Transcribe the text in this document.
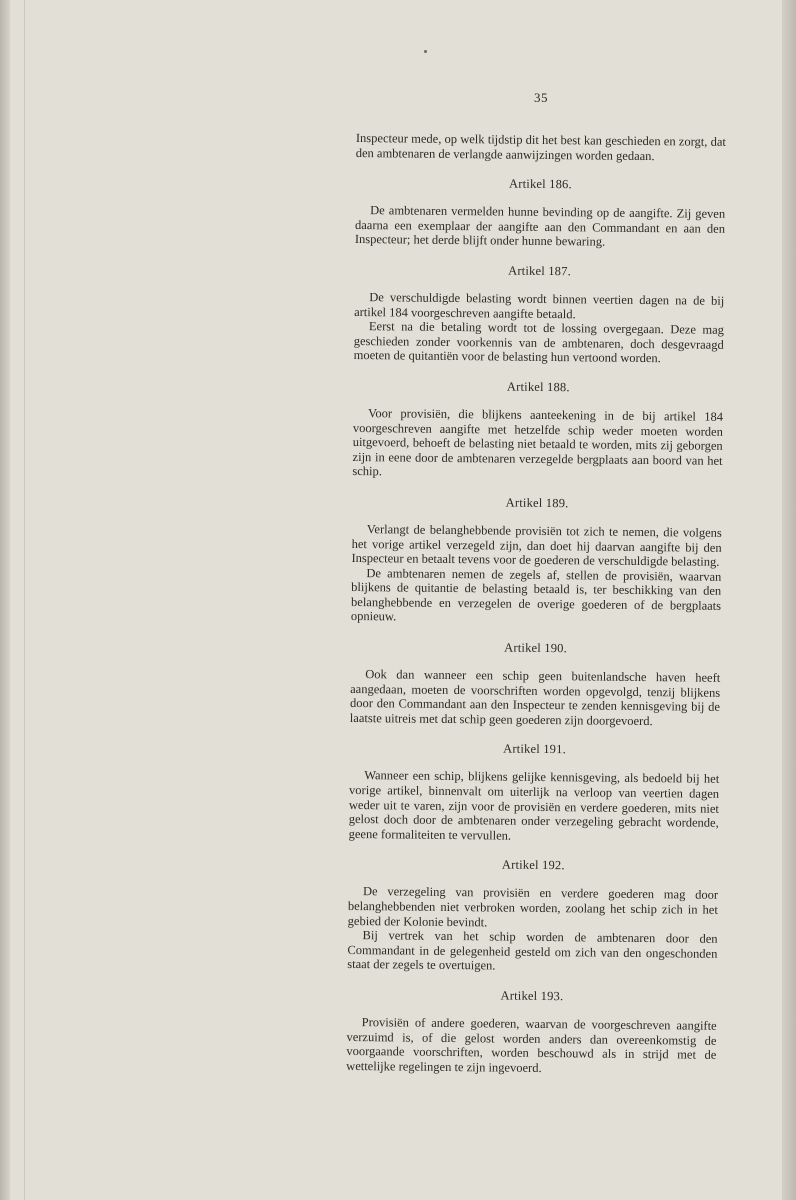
35

Inspecteur mede, op welk tijdstip dit het best kan geschieden en zorgt, dat den ambtenaren de verlangde aanwijzingen worden gedaan.

Artikel 186.

De ambtenaren vermelden hunne bevinding op de aangifte. Zij geven daarna een exemplaar der aangifte aan den Commandant en aan den Inspecteur; het derde blijft onder hunne bewaring.

Artikel 187.

De verschuldigde belasting wordt binnen veertien dagen na de bij artikel 184 voorgeschreven aangifte betaald.

Eerst na die betaling wordt tot de lossing overgegaan. Deze mag geschieden zonder voorkennis van de ambtenaren, doch desgevraagd moeten de quitantiën voor de belasting hun vertoond worden.

Artikel 188.

Voor provisiën, die blijkens aanteekening in de bij artikel 184 voorgeschreven aangifte met hetzelfde schip weder moeten worden uitgevoerd, behoeft de belasting niet betaald te worden, mits zij geborgen zijn in eene door de ambtenaren verzegelde bergplaats aan boord van het schip.

Artikel 189.

Verlangt de belanghebbende provisiën tot zich te nemen, die volgens het vorige artikel verzegeld zijn, dan doet hij daarvan aangifte bij den Inspecteur en betaalt tevens voor de goederen de verschuldigde belasting.

De ambtenaren nemen de zegels af, stellen de provisiën, waarvan blijkens de quitantie de belasting betaald is, ter beschikking van den belanghebbende en verzegelen de overige goederen of de bergplaats opnieuw.

Artikel 190.

Ook dan wanneer een schip geen buitenlandsche haven heeft aangedaan, moeten de voorschriften worden opgevolgd, tenzij blijkens door den Commandant aan den Inspecteur te zenden kennisgeving bij de laatste uitreis met dat schip geen goederen zijn doorgevoerd.

Artikel 191.

Wanneer een schip, blijkens gelijke kennisgeving, als bedoeld bij het vorige artikel, binnenvalt om uiterlijk na verloop van veertien dagen weder uit te varen, zijn voor de provisiën en verdere goederen, mits niet gelost doch door de ambtenaren onder verzegeling gebracht wordende, geene formaliteiten te vervullen.

Artikel 192.

De verzegeling van provisiën en verdere goederen mag door belanghebbenden niet verbroken worden, zoolang het schip zich in het gebied der Kolonie bevindt.

Bij vertrek van het schip worden de ambtenaren door den Commandant in de gelegenheid gesteld om zich van den ongeschonden staat der zegels te overtuigen.

Artikel 193.

Provisiën of andere goederen, waarvan de voorgeschreven aangifte verzuimd is, of die gelost worden anders dan overeenkomstig de voorgaande voorschriften, worden beschouwd als in strijd met de wettelijke regelingen te zijn ingevoerd.
